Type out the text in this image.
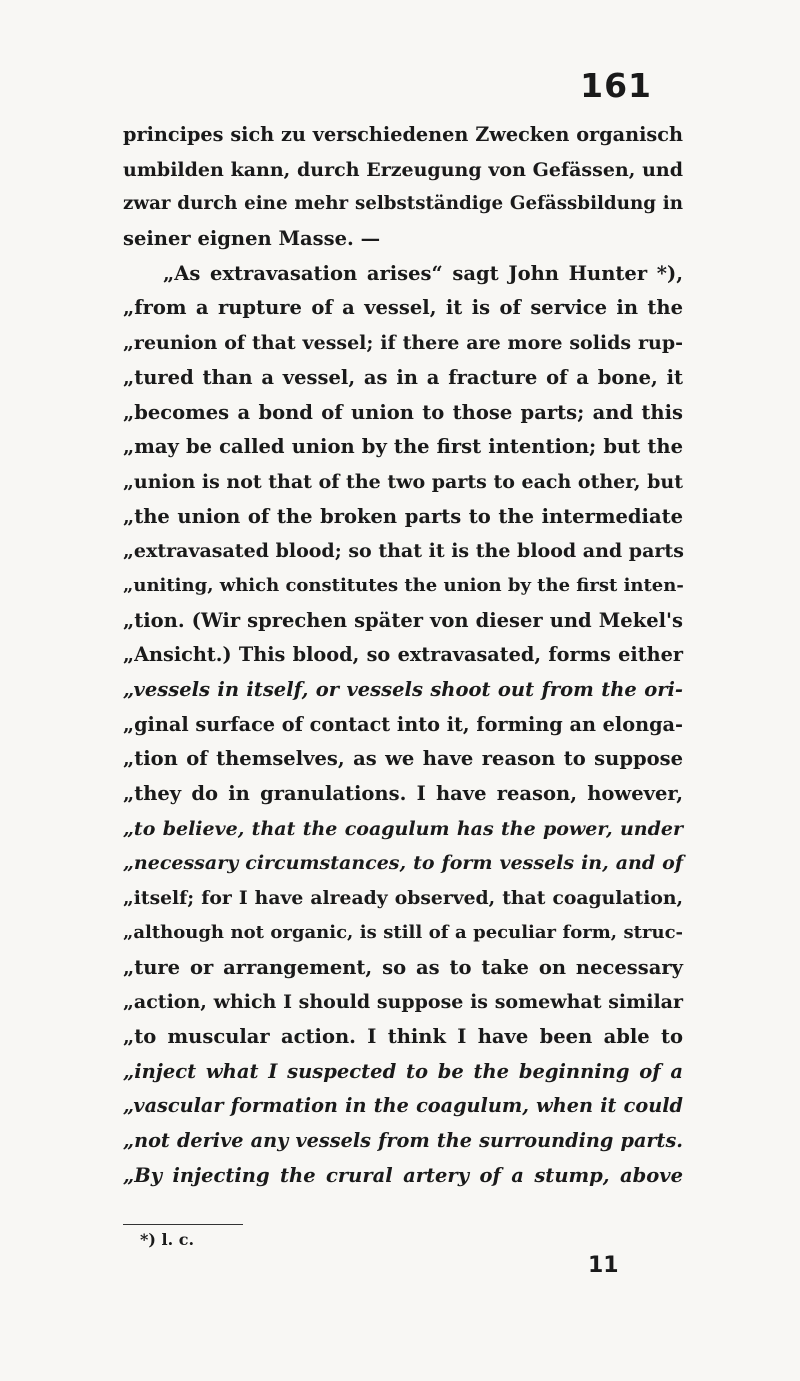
161
principes sich zu verschiedenen Zwecken organisch
umbilden kann, durch Erzeugung von Gefässen, und
zwar durch eine mehr selbstständige Gefässbildung in
seiner eignen Masse. —
„As extravasation arises“ sagt John Hunter *),
„from a rupture of a vessel, it is of service in the
„reunion of that vessel; if there are more solids rup-
„tured than a vessel, as in a fracture of a bone, it
„becomes a bond of union to those parts; and this
„may be called union by the first intention; but the
„union is not that of the two parts to each other, but
„the union of the broken parts to the intermediate
„extravasated blood; so that it is the blood and parts
„uniting, which constitutes the union by the first inten-
„tion. (Wir sprechen später von dieser und Mekel's
„Ansicht.) This blood, so extravasated, forms either
„vessels in itself, or vessels shoot out from the ori-
„ginal surface of contact into it, forming an elonga-
„tion of themselves, as we have reason to suppose
„they do in granulations. I have reason, however,
„to believe, that the coagulum has the power, under
„necessary circumstances, to form vessels in, and of
„itself; for I have already observed, that coagulation,
„although not organic, is still of a peculiar form, struc-
„ture or arrangement, so as to take on necessary
„action, which I should suppose is somewhat similar
„to muscular action. I think I have been able to
„inject what I suspected to be the beginning of a
„vascular formation in the coagulum, when it could
„not derive any vessels from the surrounding parts.
„By injecting the crural artery of a stump, above
*) l. c.
11
